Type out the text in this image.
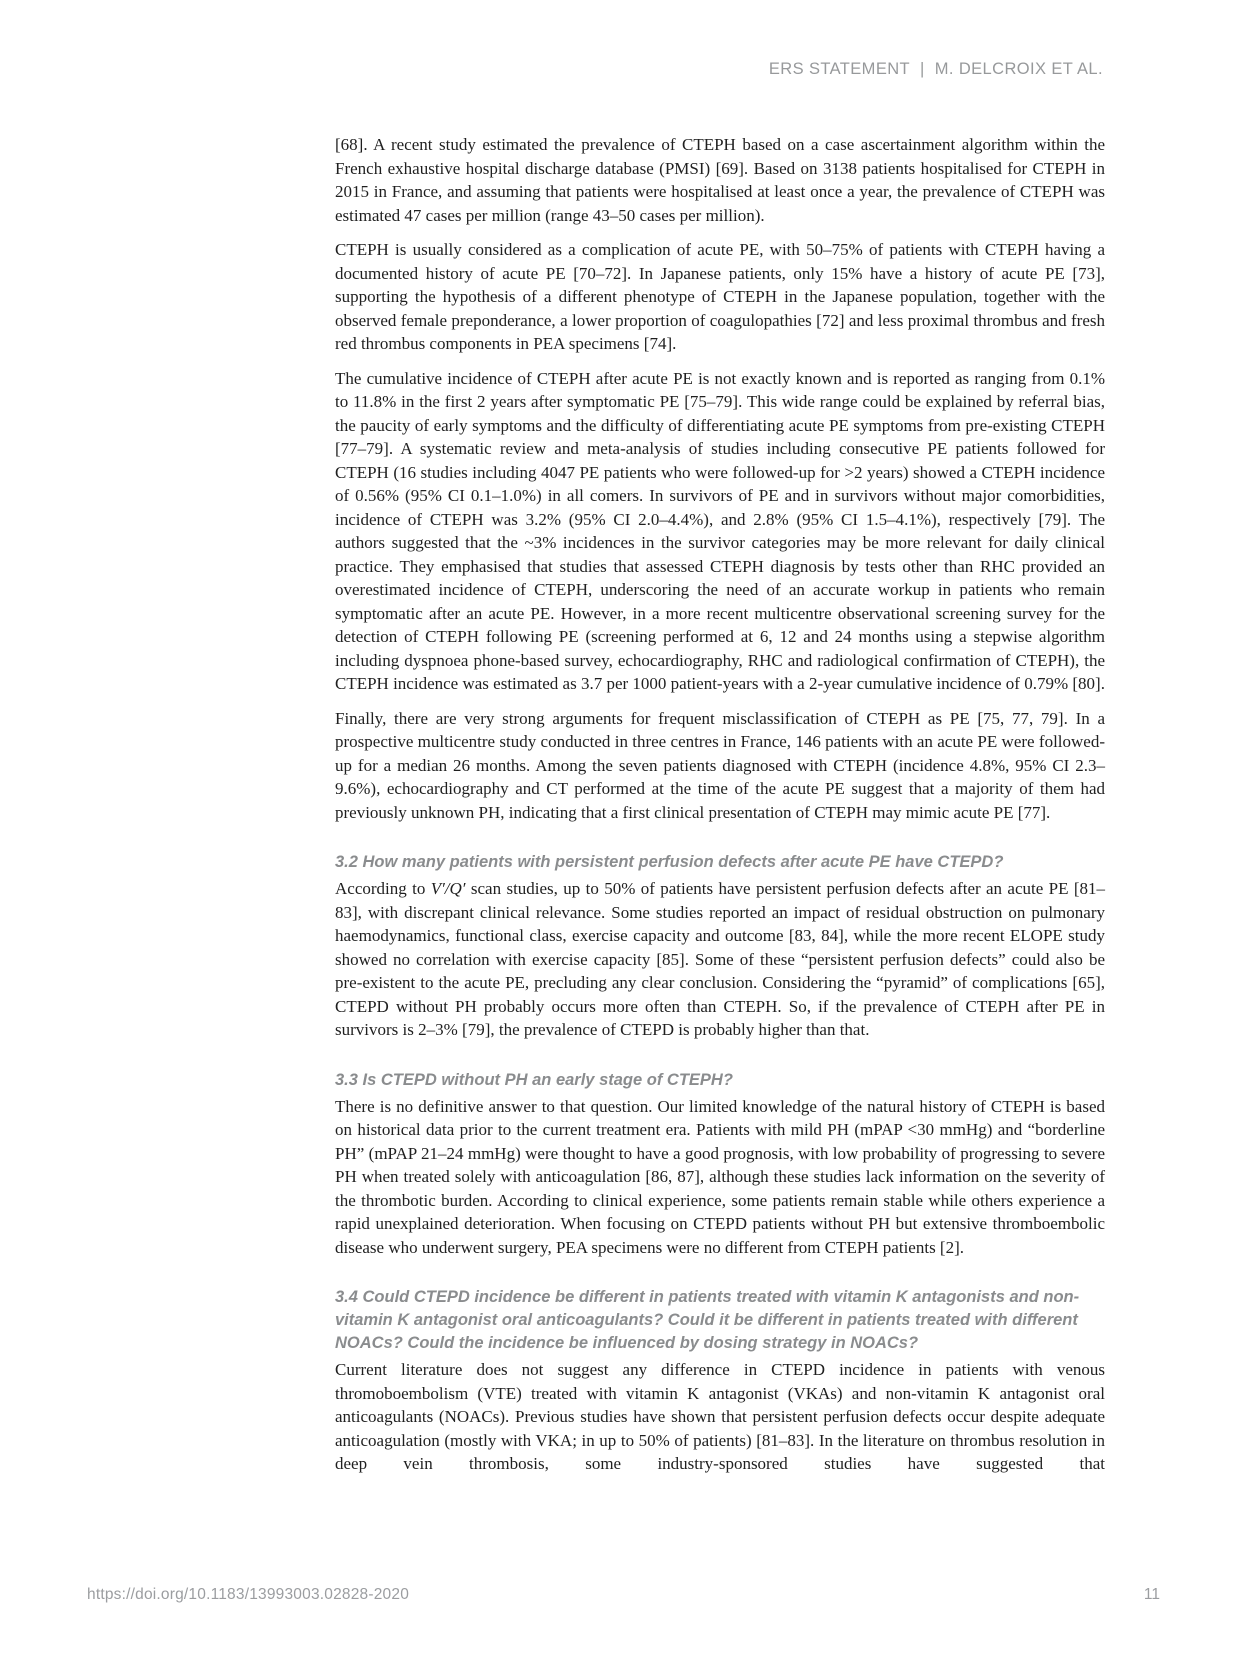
ERS STATEMENT | M. DELCROIX ET AL.

[68]. A recent study estimated the prevalence of CTEPH based on a case ascertainment algorithm within the French exhaustive hospital discharge database (PMSI) [69]. Based on 3138 patients hospitalised for CTEPH in 2015 in France, and assuming that patients were hospitalised at least once a year, the prevalence of CTEPH was estimated 47 cases per million (range 43–50 cases per million).

CTEPH is usually considered as a complication of acute PE, with 50–75% of patients with CTEPH having a documented history of acute PE [70–72]. In Japanese patients, only 15% have a history of acute PE [73], supporting the hypothesis of a different phenotype of CTEPH in the Japanese population, together with the observed female preponderance, a lower proportion of coagulopathies [72] and less proximal thrombus and fresh red thrombus components in PEA specimens [74].

The cumulative incidence of CTEPH after acute PE is not exactly known and is reported as ranging from 0.1% to 11.8% in the first 2 years after symptomatic PE [75–79]. This wide range could be explained by referral bias, the paucity of early symptoms and the difficulty of differentiating acute PE symptoms from pre-existing CTEPH [77–79]. A systematic review and meta-analysis of studies including consecutive PE patients followed for CTEPH (16 studies including 4047 PE patients who were followed-up for >2 years) showed a CTEPH incidence of 0.56% (95% CI 0.1–1.0%) in all comers. In survivors of PE and in survivors without major comorbidities, incidence of CTEPH was 3.2% (95% CI 2.0–4.4%), and 2.8% (95% CI 1.5–4.1%), respectively [79]. The authors suggested that the ~3% incidences in the survivor categories may be more relevant for daily clinical practice. They emphasised that studies that assessed CTEPH diagnosis by tests other than RHC provided an overestimated incidence of CTEPH, underscoring the need of an accurate workup in patients who remain symptomatic after an acute PE. However, in a more recent multicentre observational screening survey for the detection of CTEPH following PE (screening performed at 6, 12 and 24 months using a stepwise algorithm including dyspnoea phone-based survey, echocardiography, RHC and radiological confirmation of CTEPH), the CTEPH incidence was estimated as 3.7 per 1000 patient-years with a 2-year cumulative incidence of 0.79% [80].

Finally, there are very strong arguments for frequent misclassification of CTEPH as PE [75, 77, 79]. In a prospective multicentre study conducted in three centres in France, 146 patients with an acute PE were followed-up for a median 26 months. Among the seven patients diagnosed with CTEPH (incidence 4.8%, 95% CI 2.3–9.6%), echocardiography and CT performed at the time of the acute PE suggest that a majority of them had previously unknown PH, indicating that a first clinical presentation of CTEPH may mimic acute PE [77].

3.2 How many patients with persistent perfusion defects after acute PE have CTEPD?

According to V′/Q′ scan studies, up to 50% of patients have persistent perfusion defects after an acute PE [81–83], with discrepant clinical relevance. Some studies reported an impact of residual obstruction on pulmonary haemodynamics, functional class, exercise capacity and outcome [83, 84], while the more recent ELOPE study showed no correlation with exercise capacity [85]. Some of these “persistent perfusion defects” could also be pre-existent to the acute PE, precluding any clear conclusion. Considering the “pyramid” of complications [65], CTEPD without PH probably occurs more often than CTEPH. So, if the prevalence of CTEPH after PE in survivors is 2–3% [79], the prevalence of CTEPD is probably higher than that.

3.3 Is CTEPD without PH an early stage of CTEPH?

There is no definitive answer to that question. Our limited knowledge of the natural history of CTEPH is based on historical data prior to the current treatment era. Patients with mild PH (mPAP <30 mmHg) and “borderline PH” (mPAP 21–24 mmHg) were thought to have a good prognosis, with low probability of progressing to severe PH when treated solely with anticoagulation [86, 87], although these studies lack information on the severity of the thrombotic burden. According to clinical experience, some patients remain stable while others experience a rapid unexplained deterioration. When focusing on CTEPD patients without PH but extensive thromboembolic disease who underwent surgery, PEA specimens were no different from CTEPH patients [2].

3.4 Could CTEPD incidence be different in patients treated with vitamin K antagonists and non-vitamin K antagonist oral anticoagulants? Could it be different in patients treated with different NOACs? Could the incidence be influenced by dosing strategy in NOACs?

Current literature does not suggest any difference in CTEPD incidence in patients with venous thromoboembolism (VTE) treated with vitamin K antagonist (VKAs) and non-vitamin K antagonist oral anticoagulants (NOACs). Previous studies have shown that persistent perfusion defects occur despite adequate anticoagulation (mostly with VKA; in up to 50% of patients) [81–83]. In the literature on thrombus resolution in deep vein thrombosis, some industry-sponsored studies have suggested that

https://doi.org/10.1183/13993003.02828-2020	11
